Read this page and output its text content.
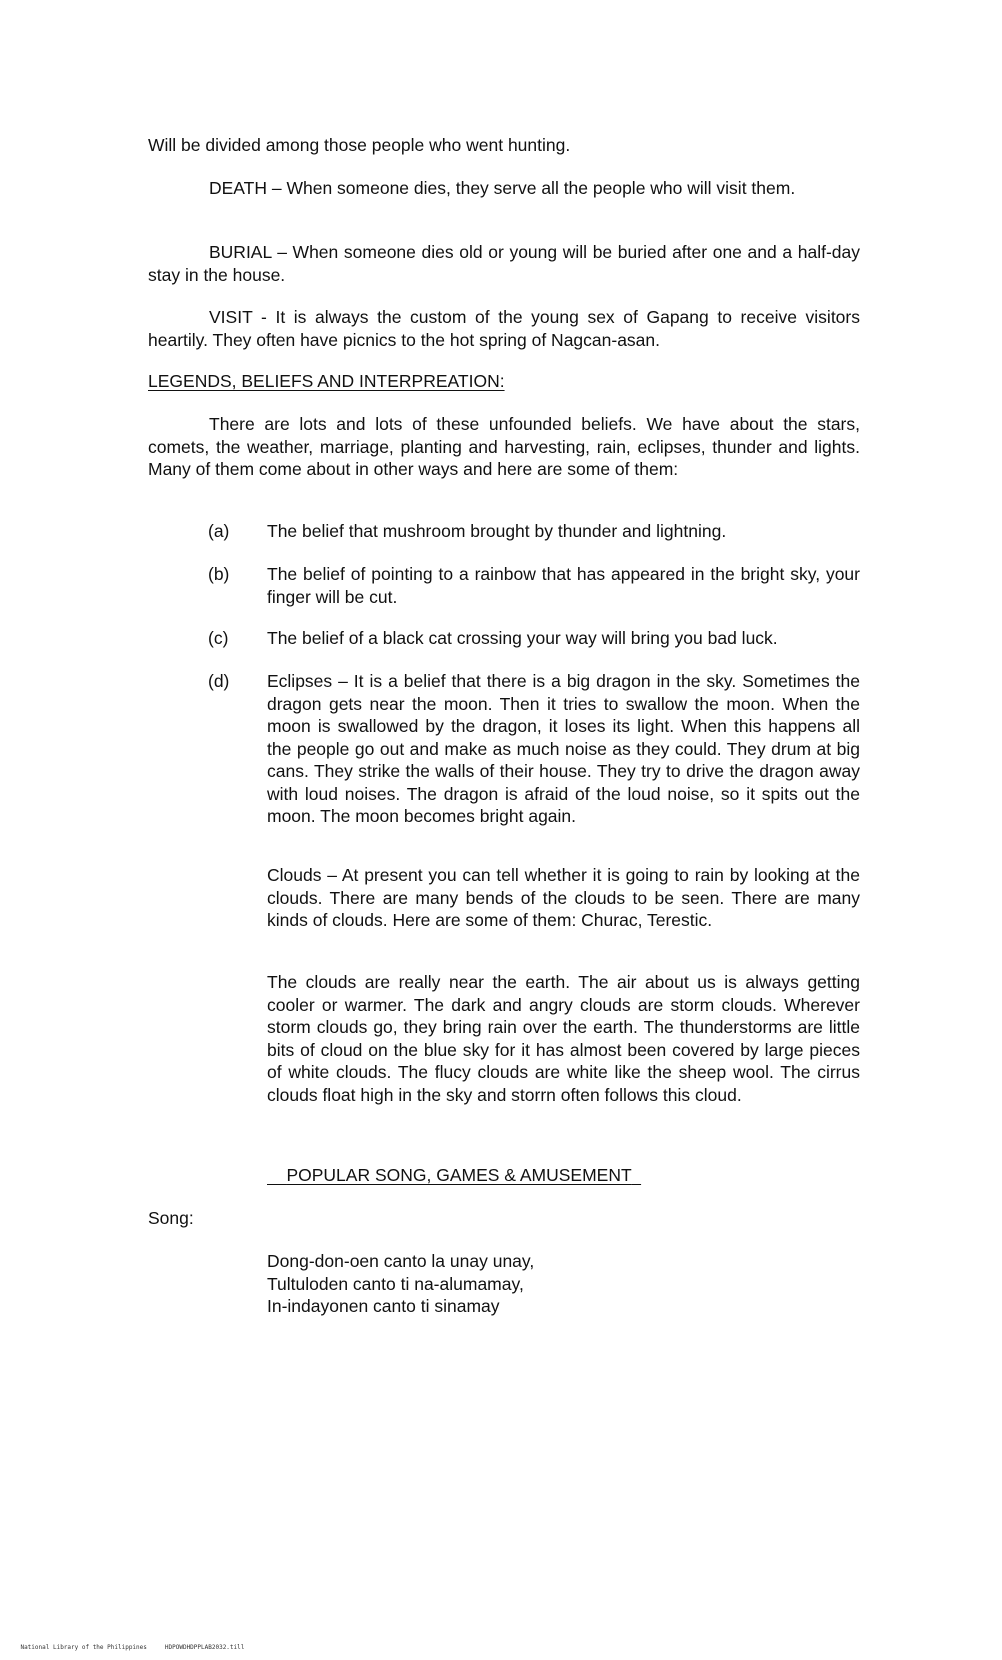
Will be divided among those people who went hunting.

DEATH – When someone dies, they serve all the people who will visit them.

BURIAL – When someone dies old or young will be buried after one and a half-day stay in the house.

VISIT - It is always the custom of the young sex of Gapang to receive visitors heartily. They often have picnics to the hot spring of Nagcan-asan.

LEGENDS, BELIEFS AND INTERPREATION:

There are lots and lots of these unfounded beliefs. We have about the stars, comets, the weather, marriage, planting and harvesting, rain, eclipses, thunder and lights. Many of them come about in other ways and here are some of them:

(a)	The belief that mushroom brought by thunder and lightning.
(b)	The belief of pointing to a rainbow that has appeared in the bright sky, your finger will be cut.
(c)	The belief of a black cat crossing your way will bring you bad luck.
(d)	Eclipses – It is a belief that there is a big dragon in the sky. Sometimes the dragon gets near the moon. Then it tries to swallow the moon. When the moon is swallowed by the dragon, it loses its light. When this happens all the people go out and make as much noise as they could. They drum at big cans. They strike the walls of their house. They try to drive the dragon away with loud noises. The dragon is afraid of the loud noise, so it spits out the moon. The moon becomes bright again.

Clouds – At present you can tell whether it is going to rain by looking at the clouds. There are many bends of the clouds to be seen. There are many kinds of clouds. Here are some of them: Churac, Terestic.

The clouds are really near the earth. The air about us is always getting cooler or warmer. The dark and angry clouds are storm clouds. Wherever storm clouds go, they bring rain over the earth. The thunderstorms are little bits of cloud on the blue sky for it has almost been covered by large pieces of white clouds. The flucy clouds are white like the sheep wool. The cirrus clouds float high in the sky and storrn often follows this cloud.

POPULAR SONG, GAMES & AMUSEMENT

Song:

Dong-don-oen canto la unay unay,
Tultuloden canto ti na-alumamay,
In-indayonen canto ti sinamay

National Library of the Philippines	HDPOWDHDPPLAB2032.till
